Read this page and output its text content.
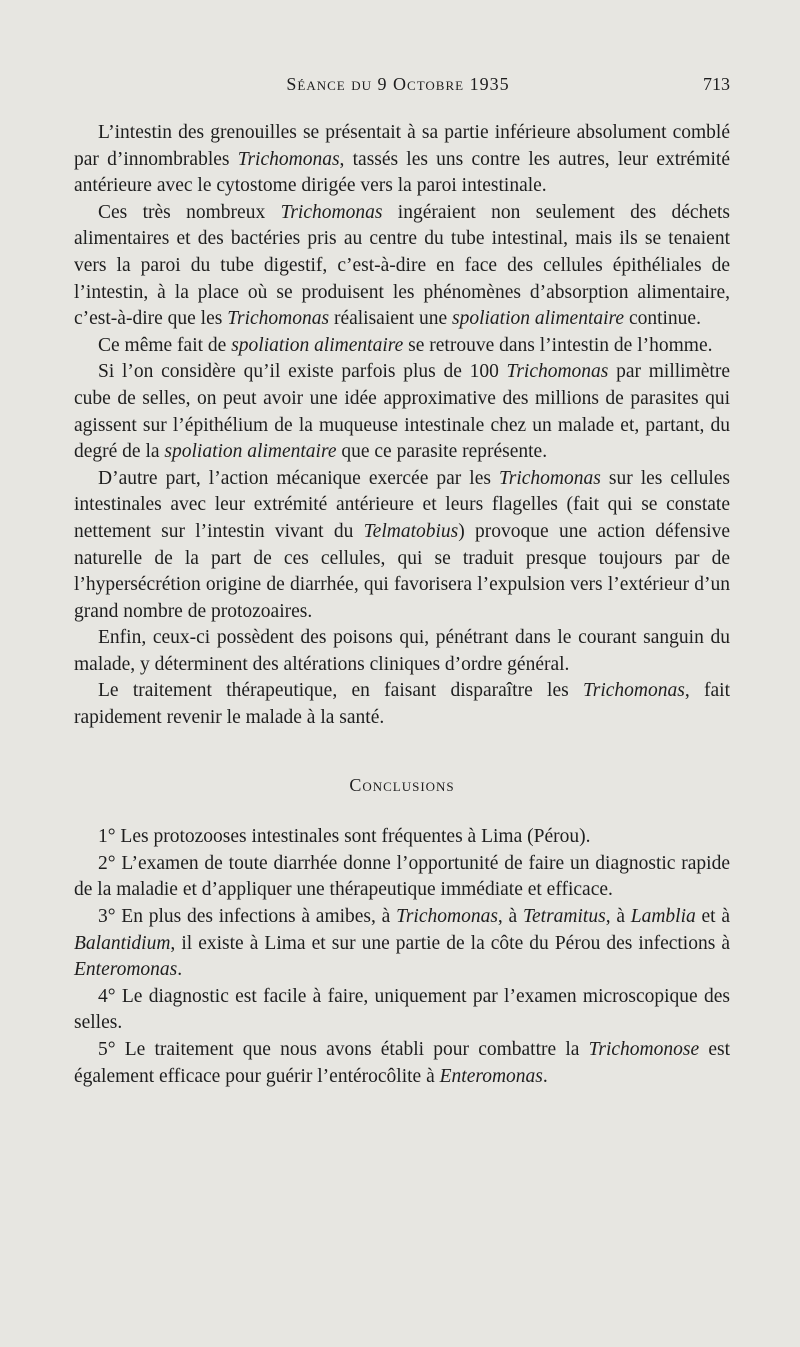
Séance du 9 Octobre 1935	713

L’intestin des grenouilles se présentait à sa partie inférieure absolument comblé par d’innombrables Trichomonas, tassés les uns contre les autres, leur extrémité antérieure avec le cytostome dirigée vers la paroi intestinale.

Ces très nombreux Trichomonas ingéraient non seulement des déchets alimentaires et des bactéries pris au centre du tube intestinal, mais ils se tenaient vers la paroi du tube digestif, c’est-à-dire en face des cellules épithéliales de l’intestin, à la place où se produisent les phénomènes d’absorption alimentaire, c’est-à-dire que les Trichomonas réalisaient une spoliation alimentaire continue.

Ce même fait de spoliation alimentaire se retrouve dans l’intestin de l’homme.

Si l’on considère qu’il existe parfois plus de 100 Trichomonas par millimètre cube de selles, on peut avoir une idée approximative des millions de parasites qui agissent sur l’épithélium de la muqueuse intestinale chez un malade et, partant, du degré de la spoliation alimentaire que ce parasite représente.

D’autre part, l’action mécanique exercée par les Trichomonas sur les cellules intestinales avec leur extrémité antérieure et leurs flagelles (fait qui se constate nettement sur l’intestin vivant du Telmatobius) provoque une action défensive naturelle de la part de ces cellules, qui se traduit presque toujours par de l’hypersécrétion origine de diarrhée, qui favorisera l’expulsion vers l’extérieur d’un grand nombre de protozoaires.

Enfin, ceux-ci possèdent des poisons qui, pénétrant dans le courant sanguin du malade, y déterminent des altérations cliniques d’ordre général.

Le traitement thérapeutique, en faisant disparaître les Trichomonas, fait rapidement revenir le malade à la santé.

Conclusions

1° Les protozooses intestinales sont fréquentes à Lima (Pérou).

2° L’examen de toute diarrhée donne l’opportunité de faire un diagnostic rapide de la maladie et d’appliquer une thérapeutique immédiate et efficace.

3° En plus des infections à amibes, à Trichomonas, à Tetramitus, à Lamblia et à Balantidium, il existe à Lima et sur une partie de la côte du Pérou des infections à Enteromonas.

4° Le diagnostic est facile à faire, uniquement par l’examen microscopique des selles.

5° Le traitement que nous avons établi pour combattre la Trichomonose est également efficace pour guérir l’entérocôlite à Enteromonas.
